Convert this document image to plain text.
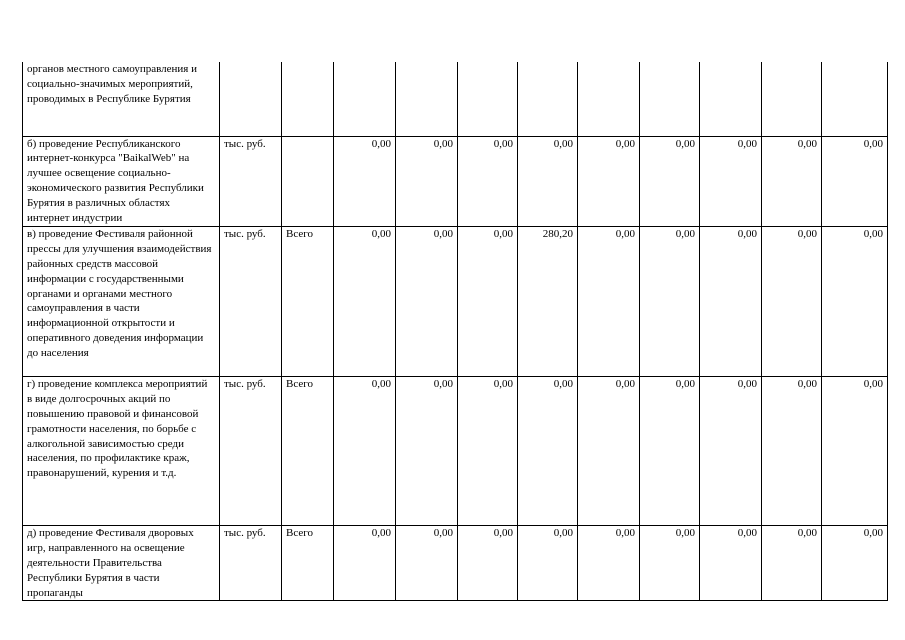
органов местного самоуправления и социально-значимых мероприятий, проводимых в Республике Бурятия											
б) проведение Республиканского интернет-конкурса "BaikalWeb" на лучшее освещение социально-экономического развития Республики Бурятия в различных областях интернет индустрии	тыс. руб.		0,00	0,00	0,00	0,00	0,00	0,00	0,00	0,00	0,00
в) проведение Фестиваля районной прессы для улучшения взаимодействия районных средств массовой информации с государственными органами и органами местного самоуправления в части информационной открытости и оперативного доведения информации до населения	тыс. руб.	Всего	0,00	0,00	0,00	280,20	0,00	0,00	0,00	0,00	0,00
г) проведение комплекса мероприятий в виде долгосрочных акций по повышению правовой и финансовой грамотности населения, по борьбе с алкогольной зависимостью среди населения, по профилактике краж, правонарушений, курения и т.д.	тыс. руб.	Всего	0,00	0,00	0,00	0,00	0,00	0,00	0,00	0,00	0,00
д) проведение Фестиваля дворовых игр, направленного на освещение деятельности Правительства Республики Бурятия в части пропаганды	тыс. руб.	Всего	0,00	0,00	0,00	0,00	0,00	0,00	0,00	0,00	0,00
